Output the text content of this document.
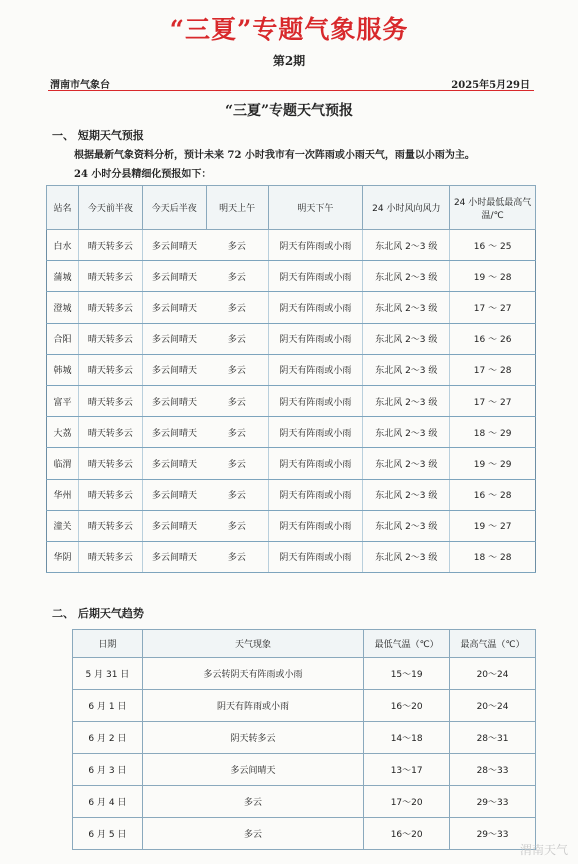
“三夏”专题气象服务
第2期
渭南市气象台	2025年5月29日
“三夏”专题天气预报
一、 短期天气预报
根据最新气象资料分析，预计未来 72 小时我市有一次阵雨或小雨天气，雨量以小雨为主。
24 小时分县精细化预报如下：
站名	今天前半夜	今天后半夜	明天上午	明天下午	24 小时风向风力	24 小时最低最高气温/℃
白水	晴天转多云	多云间晴天	多云	阴天有阵雨或小雨	东北风 2～3 级	16 ～ 25
蒲城	晴天转多云	多云间晴天	多云	阴天有阵雨或小雨	东北风 2～3 级	19 ～ 28
澄城	晴天转多云	多云间晴天	多云	阴天有阵雨或小雨	东北风 2～3 级	17 ～ 27
合阳	晴天转多云	多云间晴天	多云	阴天有阵雨或小雨	东北风 2～3 级	16 ～ 26
韩城	晴天转多云	多云间晴天	多云	阴天有阵雨或小雨	东北风 2～3 级	17 ～ 28
富平	晴天转多云	多云间晴天	多云	阴天有阵雨或小雨	东北风 2～3 级	17 ～ 27
大荔	晴天转多云	多云间晴天	多云	阴天有阵雨或小雨	东北风 2～3 级	18 ～ 29
临渭	晴天转多云	多云间晴天	多云	阴天有阵雨或小雨	东北风 2～3 级	19 ～ 29
华州	晴天转多云	多云间晴天	多云	阴天有阵雨或小雨	东北风 2～3 级	16 ～ 28
潼关	晴天转多云	多云间晴天	多云	阴天有阵雨或小雨	东北风 2～3 级	19 ～ 27
华阴	晴天转多云	多云间晴天	多云	阴天有阵雨或小雨	东北风 2～3 级	18 ～ 28
二、 后期天气趋势
日期	天气现象	最低气温（℃）	最高气温（℃）
5 月 31 日	多云转阴天有阵雨或小雨	15～19	20～24
6 月 1 日	阴天有阵雨或小雨	16～20	20～24
6 月 2 日	阴天转多云	14～18	28～31
6 月 3 日	多云间晴天	13～17	28～33
6 月 4 日	多云	17～20	29～33
6 月 5 日	多云	16～20	29～33
渭南天气
